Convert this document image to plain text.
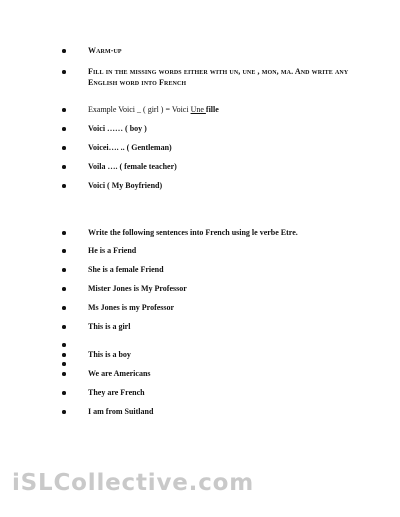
Warm-up
Fill in the missing words either with un, une , mon, ma. And write any
English word into French
Example Voici _ ( girl ) = Voici Une fille
Voici …… ( boy )
Voicei…. .. ( Gentleman)
Voila …. ( female teacher)
Voici ( My Boyfriend)
Write the following sentences into French using le verbe Etre.
He is a Friend
She is a female Friend
Mister Jones is My Professor
Ms Jones is my Professor
This is a girl
This is a boy
We are Americans
They are French
I am from Suitland
iSLCollective.com
